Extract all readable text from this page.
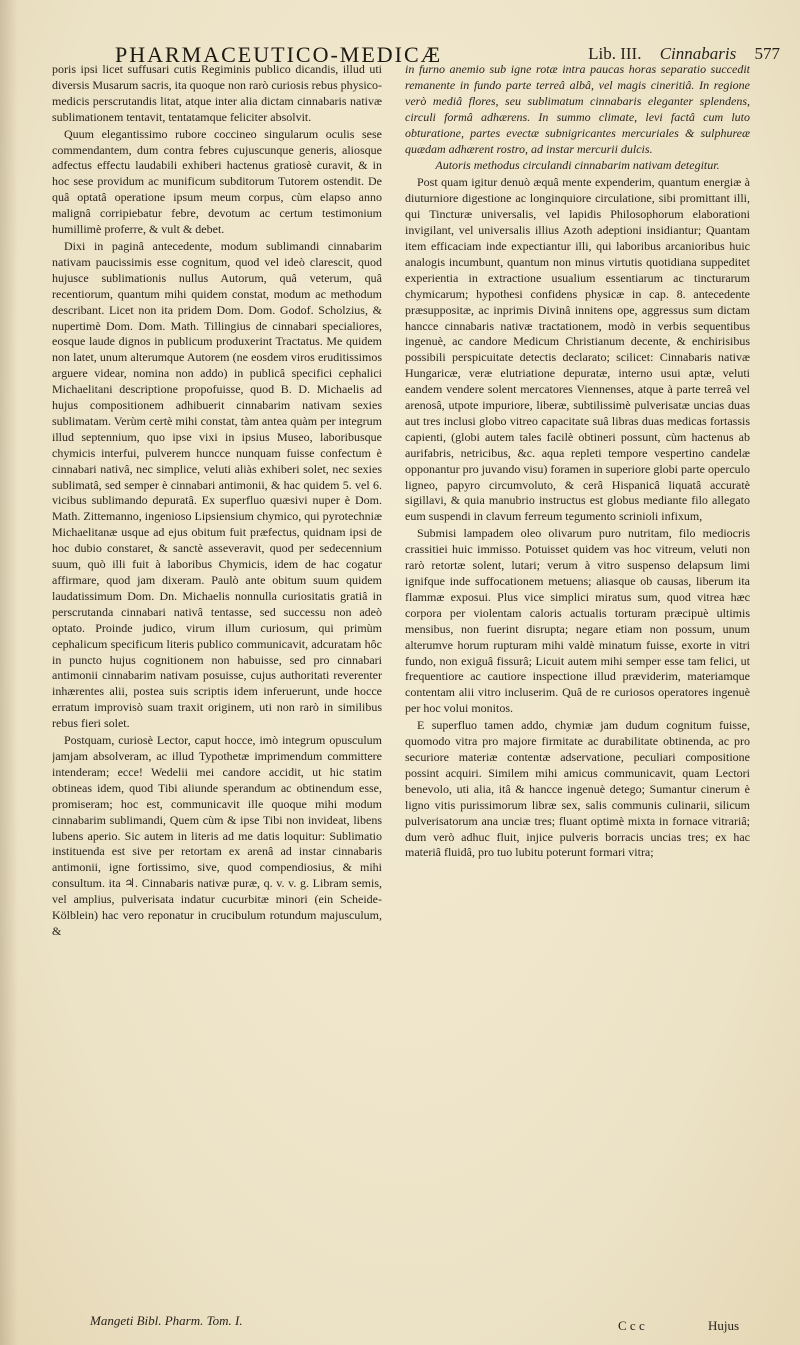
PHARMACEUTICO-MEDICÆ	Lib. III. Cinnabaris 577

poris ipsi licet suffusari cutis Regiminis publico dicandis, illud uti diversis Musarum sacris, ita quoque non rarò curiosis rebus physico-medicis perscrutandis litat, atque inter alia dictam cinnabaris nativæ sublimationem tentavit, tentatamque feliciter absolvit.

Quum elegantissimo rubore coccineo singularum oculis sese commendantem, dum contra febres cujuscunque generis, aliosque adfectus effectu laudabili exhiberi hactenus gratiosè curavit, & in hoc sese providum ac munificum subditorum Tutorem ostendit. De quâ optatâ operatione ipsum meum corpus, cùm elapso anno malignâ corripiebatur febre, devotum ac certum testimonium humillimè proferre, & vult & debet.

Dixi in paginâ antecedente, modum sublimandi cinnabarim nativam paucissimis esse cognitum, quod vel ideò clarescit, quod hujusce sublimationis nullus Autorum, quâ veterum, quâ recentiorum, quantum mihi quidem constat, modum ac methodum describant. Licet non ita pridem Dom. Dom. Godof. Scholzius, & nupertimè Dom. Dom. Math. Tillingius de cinnabari specialiores, eosque laude dignos in publicum produxerint Tractatus. Me quidem non latet, unum alterumque Autorem (ne eosdem viros eruditissimos arguere videar, nomina non addo) in publicâ specifici cephalici Michaelitani descriptione propofuisse, quod B. D. Michaelis ad hujus compositionem adhibuerit cinnabarim nativam sexies sublimatam. Verùm certè mihi constat, tàm antea quàm per integrum illud septennium, quo ipse vixi in ipsius Museo, laboribusque chymicis interfui, pulverem huncce nunquam fuisse confectum è cinnabari nativâ, nec simplice, veluti aliàs exhiberi solet, nec sexies sublimatâ, sed semper è cinnabari antimonii, & hac quidem 5. vel 6. vicibus sublimando depuratâ. Ex superfluo quæsivi nuper è Dom. Math. Zittemanno, ingenioso Lipsiensium chymico, qui pyrotechniæ Michaelitanæ usque ad ejus obitum fuit præfectus, quidnam ipsi de hoc dubio constaret, & sanctè asseveravit, quod per sedecennium suum, quò illi fuit à laboribus Chymicis, idem de hac cogatur affirmare, quod jam dixeram. Paulò ante obitum suum quidem laudatissimum Dom. Dn. Michaelis nonnulla curiositatis gratiâ in perscrutanda cinnabari nativâ tentasse, sed successu non adeò optato. Proinde judico, virum illum curiosum, qui primùm cephalicum specificum literis publico communicavit, adcuratam hôc in puncto hujus cognitionem non habuisse, sed pro cinnabari antimonii cinnabarim nativam posuisse, cujus authoritati reverenter inhærentes alii, postea suis scriptis idem inferuerunt, unde hocce erratum improvisò suam traxit originem, uti non rarò in similibus rebus fieri solet.

Postquam, curiosè Lector, caput hocce, imò integrum opusculum jamjam absolveram, ac illud Typothetæ imprimendum committere intenderam; ecce! Wedelii mei candore accidit, ut hic statim obtineas idem, quod Tibi aliunde sperandum ac obtinendum esse, promiseram; hoc est, communicavit ille quoque mihi modum cinnabarim sublimandi, Quem cùm & ipse Tibi non invideat, libens lubens aperio. Sic autem in literis ad me datis loquitur: Sublimatio instituenda est sive per retortam ex arenâ ad instar cinnabaris antimonii, igne fortissimo, sive, quod compendiosius, & mihi consultum. ita ♃. Cinnabaris nativæ puræ, q. v. v. g. Libram semis, vel amplius, pulverisata indatur cucurbitæ minori (ein Scheide-Kölblein) hac vero reponatur in crucibulum rotundum majusculum, &

in furno anemio sub igne rotæ intra paucas horas separatio succedit remanente in fundo parte terreâ albâ, vel magis cineritiâ. In regione verò mediâ flores, seu sublimatum cinnabaris eleganter splendens, circuli formâ adhærens. In summo climate, levi factâ cum luto obturatione, partes evectæ subnigricantes mercuriales & sulphureæ quædam adhærent rostro, ad instar mercurii dulcis.

Autoris methodus circulandi cinnabarim nativam detegitur.

Post quam igitur denuò æquâ mente expenderim, quantum energiæ à diuturniore digestione ac longinquiore circulatione, sibi promittant illi, qui Tincturæ universalis, vel lapidis Philosophorum elaborationi invigilant, vel universalis illius Azoth adeptioni insidiantur; Quantam item efficaciam inde expectiantur illi, qui laboribus arcanioribus huic analogis incumbunt, quantum non minus virtutis quotidiana suppeditet experientia in extractione usualium essentiarum ac tincturarum chymicarum; hypothesi confidens physicæ in cap. 8. antecedente præsuppositæ, ac inprimis Divinâ innitens ope, aggressus sum dictam hancce cinnabaris nativæ tractationem, modò in verbis sequentibus ingenuè, ac candore Medicum Christianum decente, & enchirisibus possibili perspicuitate detectis declarato; scilicet: Cinnabaris nativæ Hungaricæ, veræ elutriatione depuratæ, interno usui aptæ, veluti eandem vendere solent mercatores Viennenses, atque à parte terreâ vel arenosâ, utpote impuriore, liberæ, subtilissimè pulverisatæ uncias duas aut tres inclusi globo vitreo capacitate suâ libras duas medicas fortassis capienti, (globi autem tales facilè obtineri possunt, cùm hactenus ab aurifabris, netricibus, &c. aqua repleti tempore vespertino candelæ opponantur pro juvando visu) foramen in superiore globi parte operculo ligneo, papyro circumvoluto, & cerâ Hispanicâ liquatâ accuratè sigillavi, & quia manubrio instructus est globus mediante filo allegato eum suspendi in clavum ferreum tegumento scrinioli infixum,

Submisi lampadem oleo olivarum puro nutritam, filo mediocris crassitiei huic immisso. Potuisset quidem vas hoc vitreum, veluti non rarò retortæ solent, lutari; verum à vitro suspenso delapsum limi ignifque inde suffocationem metuens; aliasque ob causas, liberum ita flammæ exposui. Plus vice simplici miratus sum, quod vitrea hæc corpora per violentam caloris actualis torturam præcipuè ultimis mensibus, non fuerint disrupta; negare etiam non possum, unum alterumve horum rupturam mihi valdè minatum fuisse, exorte in vitri fundo, non exiguâ fissurâ; Licuit autem mihi semper esse tam felici, ut frequentiore ac cautiore inspectione illud præviderim, materiamque contentam alii vitro incluserim. Quâ de re curiosos operatores ingenuè per hoc volui monitos.

E superfluo tamen addo, chymiæ jam dudum cognitum fuisse, quomodo vitra pro majore firmitate ac durabilitate obtinenda, ac pro securiore materiæ contentæ adservatione, peculiari compositione possint acquiri. Similem mihi amicus communicavit, quam Lectori benevolo, uti alia, itâ & hancce ingenuè detego; Sumantur cinerum è ligno vitis purissimorum libræ sex, salis communis culinarii, silicum pulverisatorum ana unciæ tres; fluant optimè mixta in fornace vitrariâ; dum verò adhuc fluit, injice pulveris borracis uncias tres; ex hac materiâ fluidâ, pro tuo lubitu poterunt formari vitra;

Mangeti Bibl. Pharm. Tom. I.	C c c	Hujus
